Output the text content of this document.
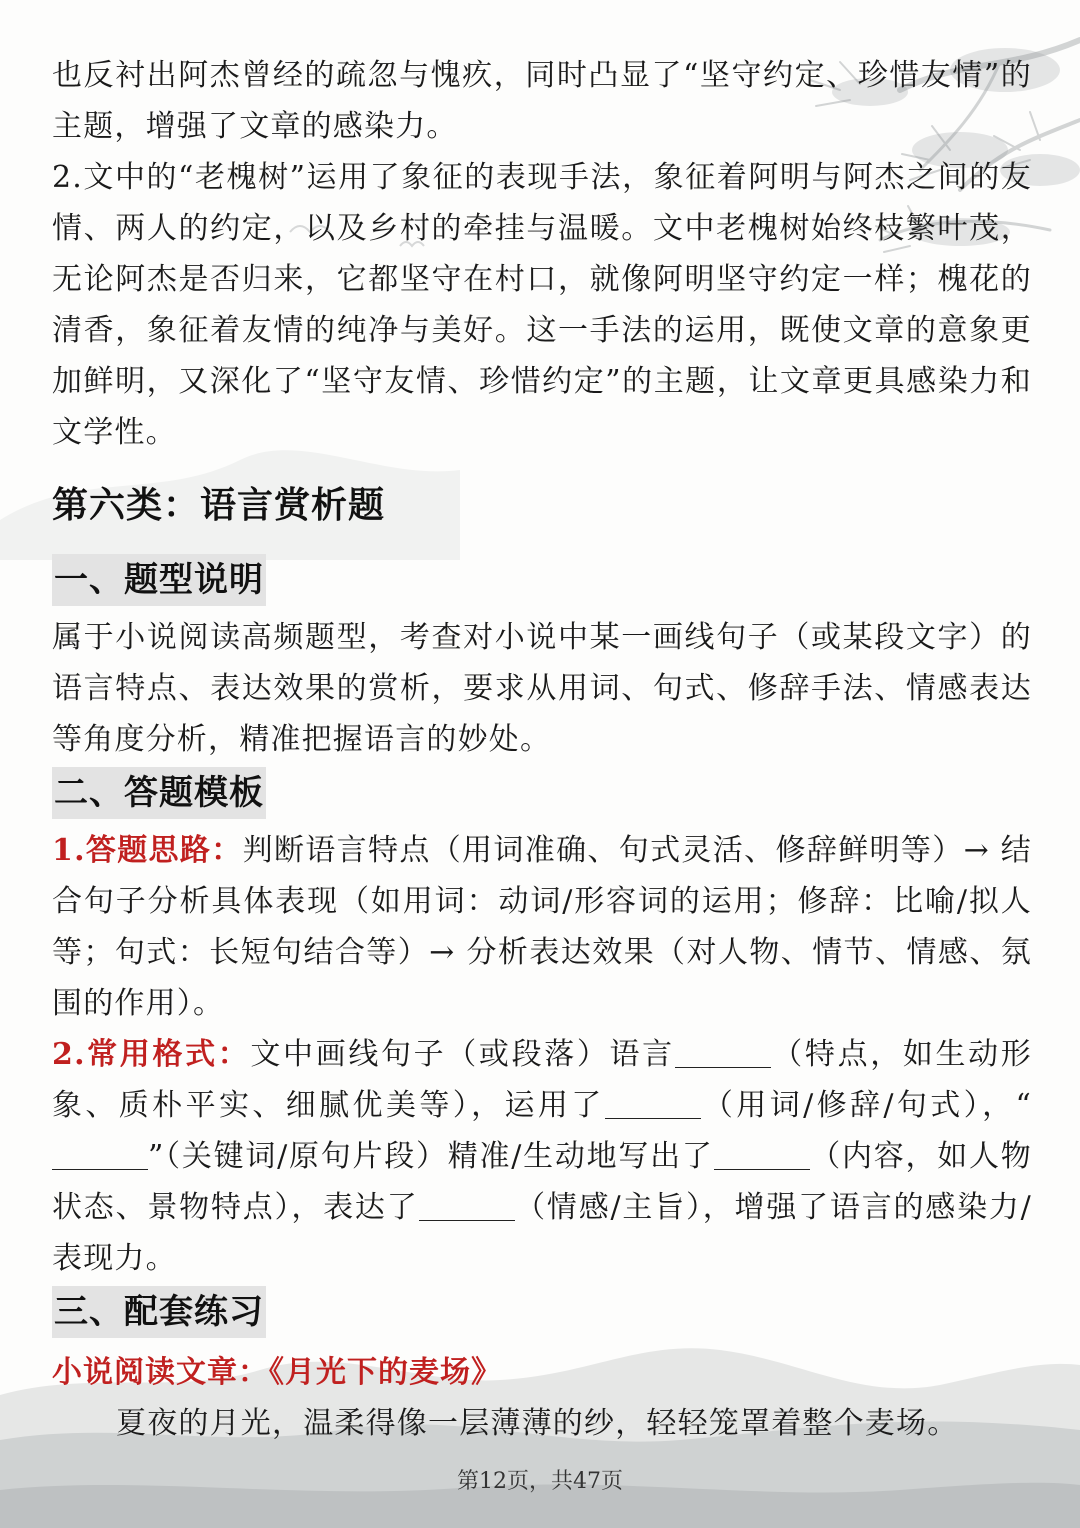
也反衬出阿杰曾经的疏忽与愧疚，同时凸显了“坚守约定、珍惜友情”的主题，增强了文章的感染力。

2.文中的“老槐树”运用了象征的表现手法，象征着阿明与阿杰之间的友情、两人的约定，以及乡村的牵挂与温暖。文中老槐树始终枝繁叶茂，无论阿杰是否归来，它都坚守在村口，就像阿明坚守约定一样；槐花的清香，象征着友情的纯净与美好。这一手法的运用，既使文章的意象更加鲜明，又深化了“坚守友情、珍惜约定”的主题，让文章更具感染力和文学性。

第六类：语言赏析题
一、题型说明

属于小说阅读高频题型，考查对小说中某一画线句子（或某段文字）的语言特点、表达效果的赏析，要求从用词、句式、修辞手法、情感表达等角度分析，精准把握语言的妙处。

二、答题模板

1.答题思路：判断语言特点（用词准确、句式灵活、修辞鲜明等）→ 结合句子分析具体表现（如用词：动词/形容词的运用；修辞：比喻/拟人等；句式：长短句结合等）→ 分析表达效果（对人物、情节、情感、氛围的作用）。

2.常用格式：文中画线句子（或段落）语言	（特点，如生动形象、质朴平实、细腻优美等），运用了	（用词/修辞/句式），“”（关键词/原句片段）精准/生动地写出了	（内容，如人物状态、景物特点），表达了	（情感/主旨），增强了语言的感染力/表现力。

三、配套练习
小说阅读文章：《月光下的麦场》

夏夜的月光，温柔得像一层薄薄的纱，轻轻笼罩着整个麦场。

第12页，共47页
